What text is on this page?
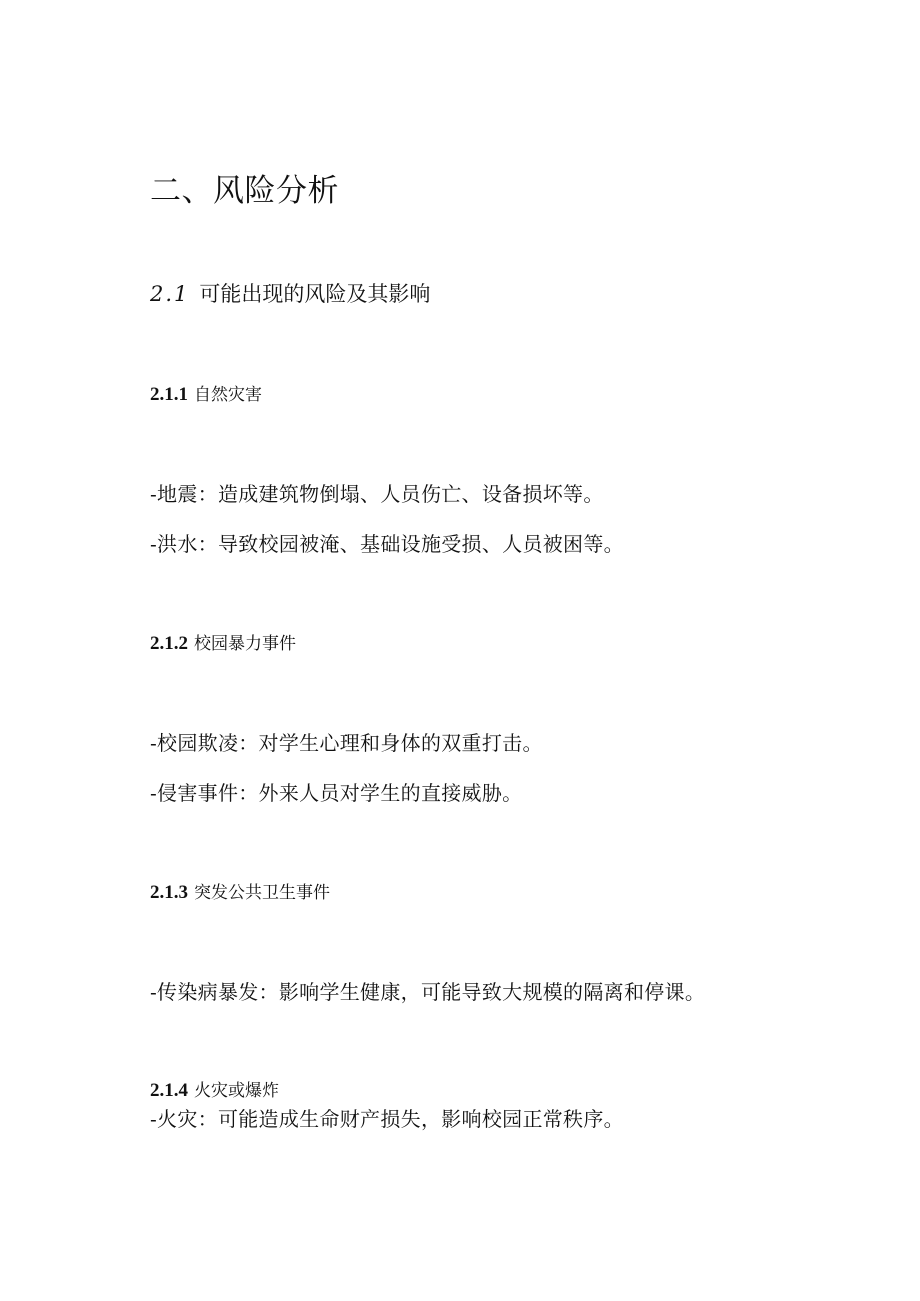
二、风险分析
2.1 可能出现的风险及其影响
2.1.1 自然灾害
-地震：造成建筑物倒塌、人员伤亡、设备损坏等。
-洪水：导致校园被淹、基础设施受损、人员被困等。
2.1.2 校园暴力事件
-校园欺凌：对学生心理和身体的双重打击。
-侵害事件：外来人员对学生的直接威胁。
2.1.3 突发公共卫生事件
-传染病暴发：影响学生健康，可能导致大规模的隔离和停课。
2.1.4 火灾或爆炸
-火灾：可能造成生命财产损失，影响校园正常秩序。
